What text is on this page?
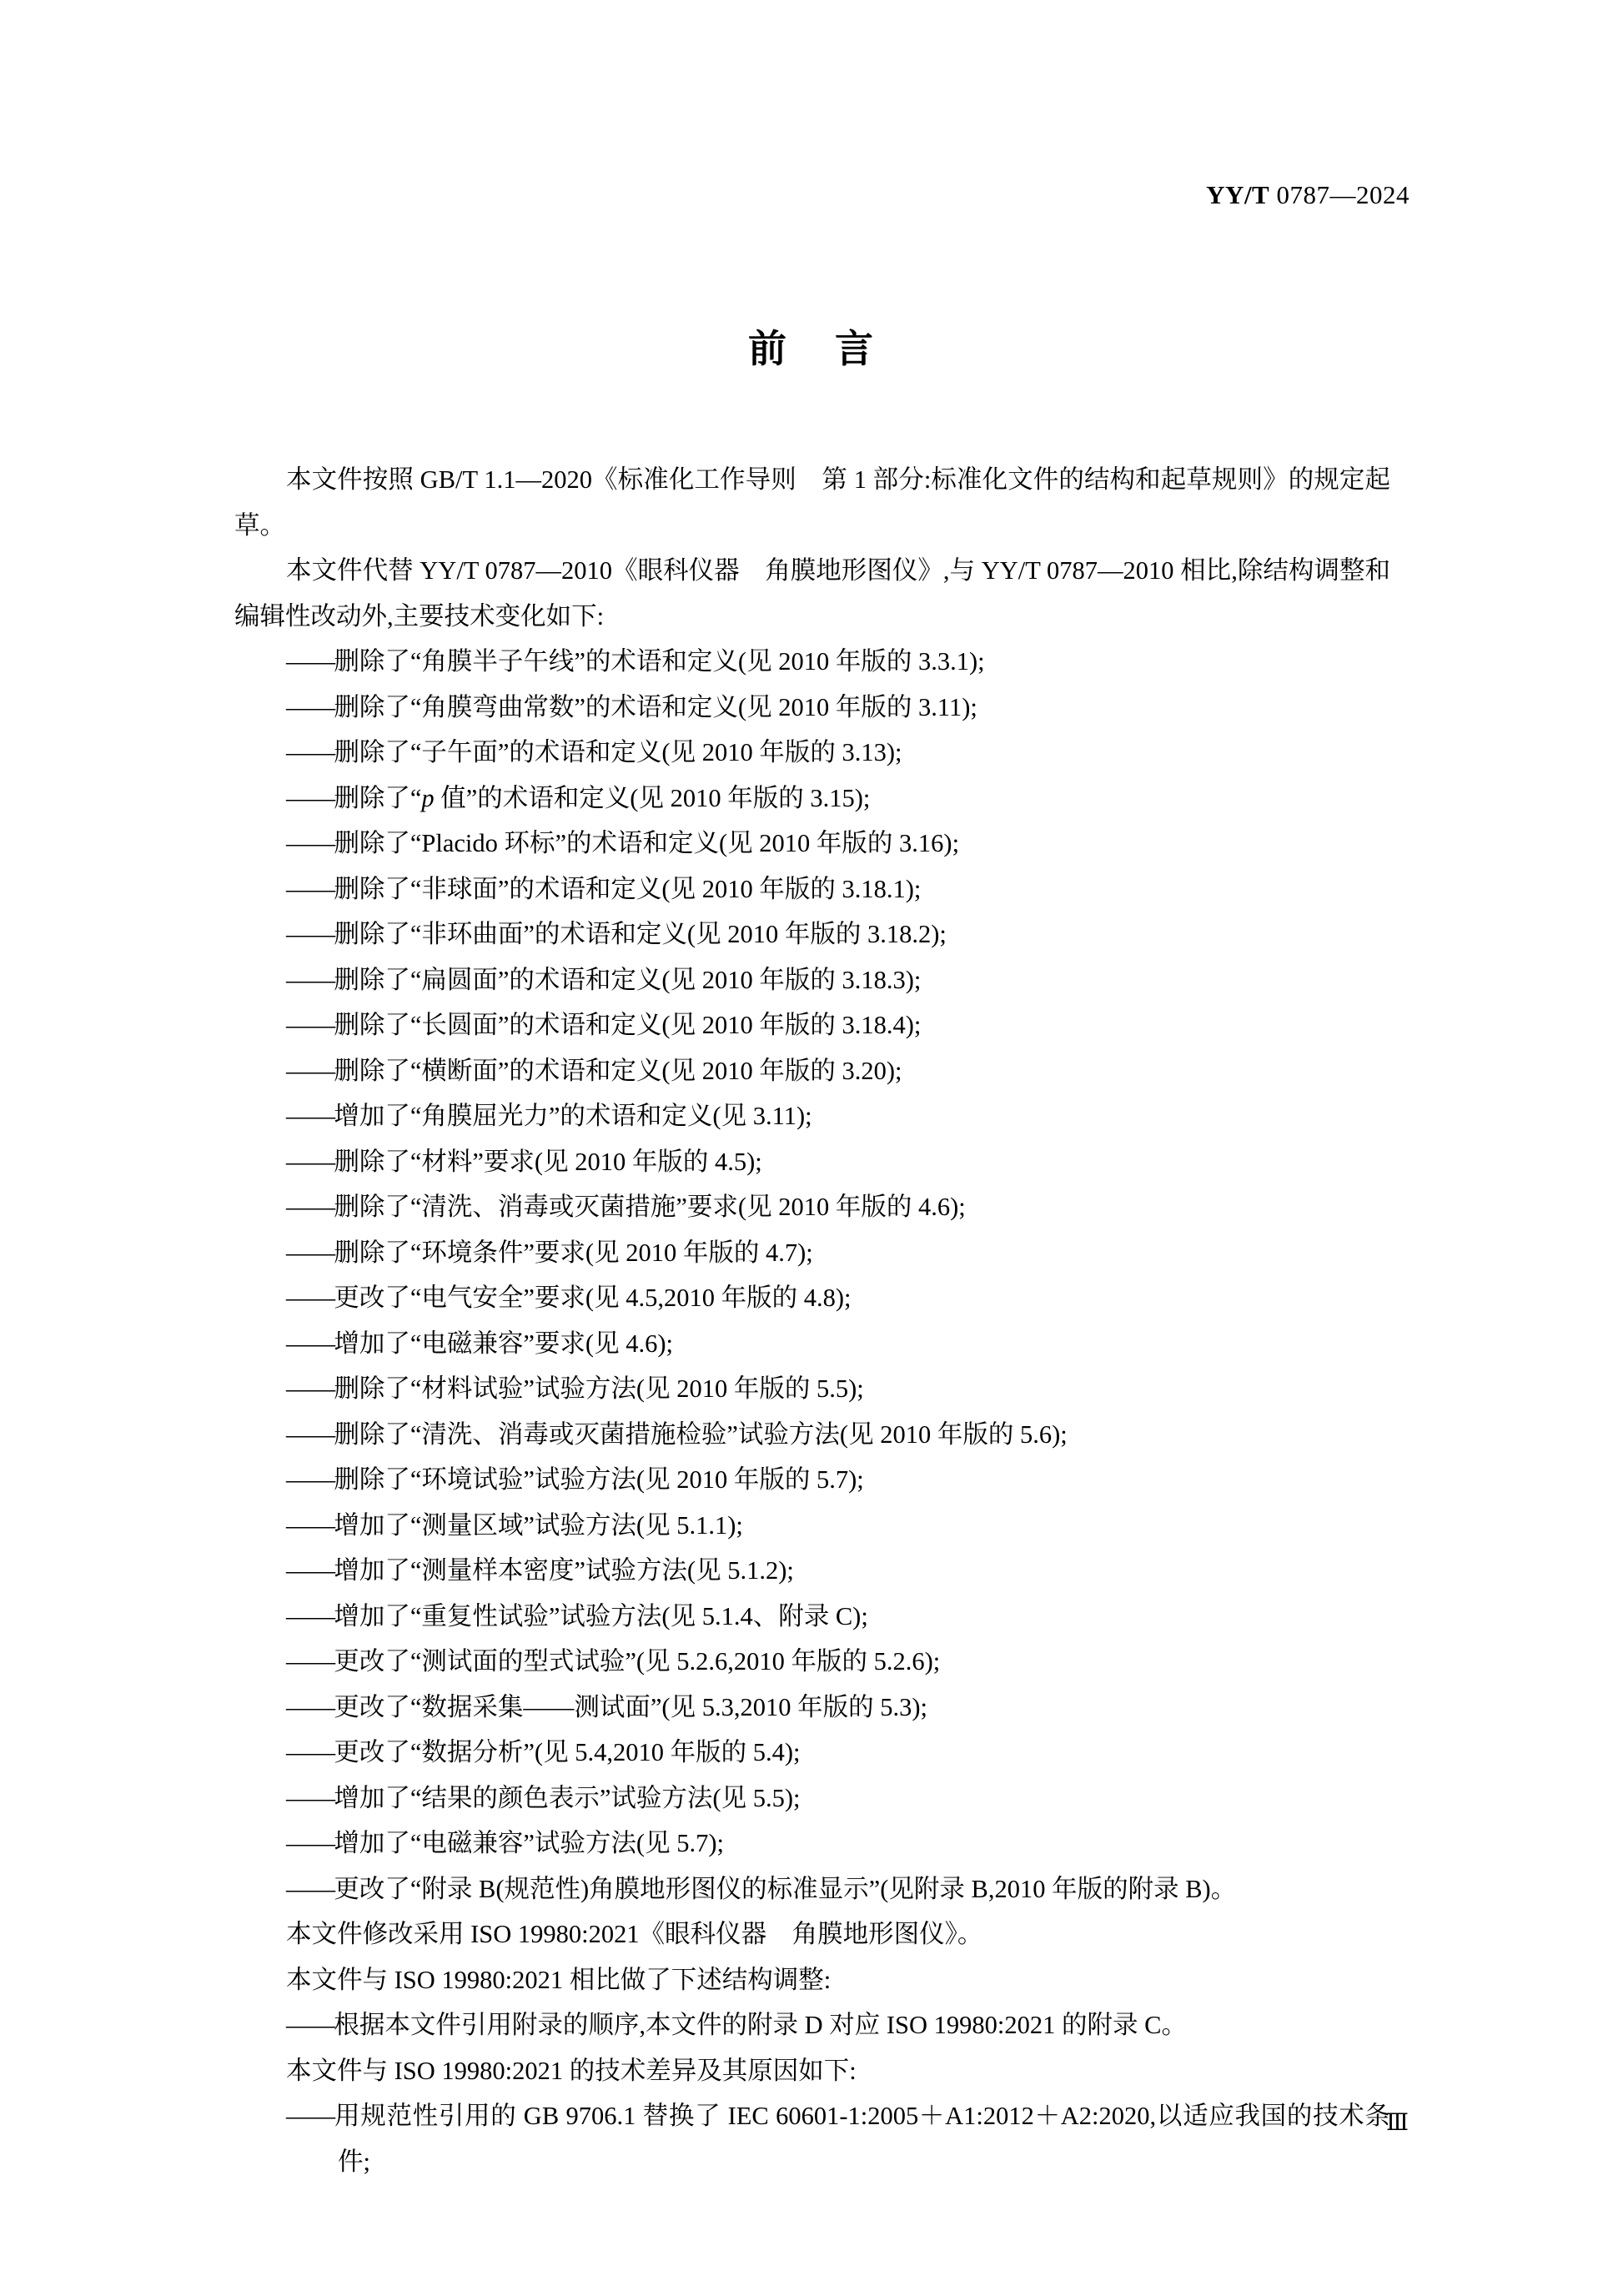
YY/T 0787—2024
前 言

本文件按照 GB/T 1.1—2020《标准化工作导则　第 1 部分:标准化文件的结构和起草规则》的规定起草。

本文件代替 YY/T 0787—2010《眼科仪器　角膜地形图仪》,与 YY/T 0787—2010 相比,除结构调整和编辑性改动外,主要技术变化如下:

——删除了“角膜半子午线”的术语和定义(见 2010 年版的 3.3.1);

——删除了“角膜弯曲常数”的术语和定义(见 2010 年版的 3.11);

——删除了“子午面”的术语和定义(见 2010 年版的 3.13);

——删除了“p 值”的术语和定义(见 2010 年版的 3.15);

——删除了“Placido 环标”的术语和定义(见 2010 年版的 3.16);

——删除了“非球面”的术语和定义(见 2010 年版的 3.18.1);

——删除了“非环曲面”的术语和定义(见 2010 年版的 3.18.2);

——删除了“扁圆面”的术语和定义(见 2010 年版的 3.18.3);

——删除了“长圆面”的术语和定义(见 2010 年版的 3.18.4);

——删除了“横断面”的术语和定义(见 2010 年版的 3.20);

——增加了“角膜屈光力”的术语和定义(见 3.11);

——删除了“材料”要求(见 2010 年版的 4.5);

——删除了“清洗、消毒或灭菌措施”要求(见 2010 年版的 4.6);

——删除了“环境条件”要求(见 2010 年版的 4.7);

——更改了“电气安全”要求(见 4.5,2010 年版的 4.8);

——增加了“电磁兼容”要求(见 4.6);

——删除了“材料试验”试验方法(见 2010 年版的 5.5);

——删除了“清洗、消毒或灭菌措施检验”试验方法(见 2010 年版的 5.6);

——删除了“环境试验”试验方法(见 2010 年版的 5.7);

——增加了“测量区域”试验方法(见 5.1.1);

——增加了“测量样本密度”试验方法(见 5.1.2);

——增加了“重复性试验”试验方法(见 5.1.4、附录 C);

——更改了“测试面的型式试验”(见 5.2.6,2010 年版的 5.2.6);

——更改了“数据采集——测试面”(见 5.3,2010 年版的 5.3);

——更改了“数据分析”(见 5.4,2010 年版的 5.4);

——增加了“结果的颜色表示”试验方法(见 5.5);

——增加了“电磁兼容”试验方法(见 5.7);

——更改了“附录 B(规范性)角膜地形图仪的标准显示”(见附录 B,2010 年版的附录 B)。

本文件修改采用 ISO 19980:2021《眼科仪器　角膜地形图仪》。

本文件与 ISO 19980:2021 相比做了下述结构调整:

——根据本文件引用附录的顺序,本文件的附录 D 对应 ISO 19980:2021 的附录 C。

本文件与 ISO 19980:2021 的技术差异及其原因如下:

——用规范性引用的 GB 9706.1 替换了 IEC 60601-1:2005＋A1:2012＋A2:2020,以适应我国的技术条件;

Ⅲ
